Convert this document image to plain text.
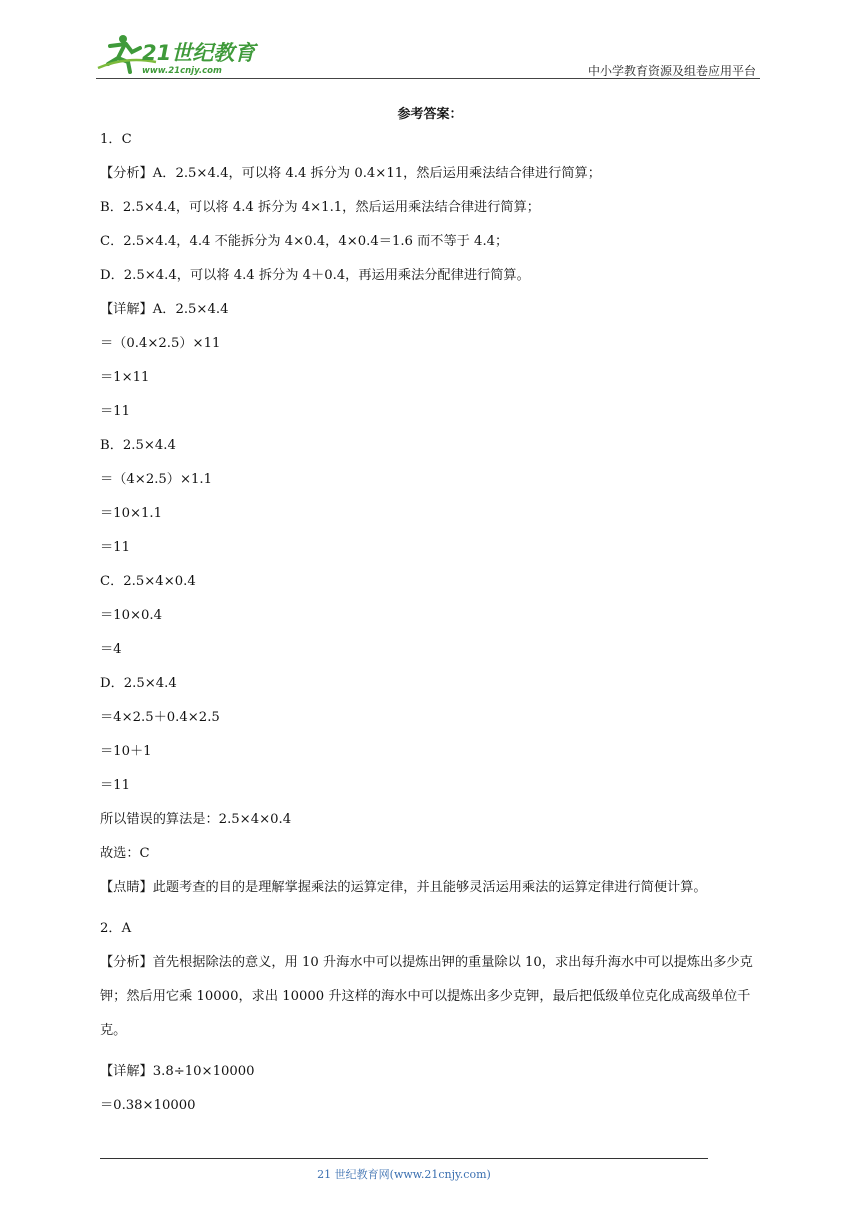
21世纪教育
www.21cnjy.com	中小学教育资源及组卷应用平台
参考答案：
1．C
【分析】A．2.5×4.4，可以将 4.4 拆分为 0.4×11，然后运用乘法结合律进行简算；
B．2.5×4.4，可以将 4.4 拆分为 4×1.1，然后运用乘法结合律进行简算；
C．2.5×4.4，4.4 不能拆分为 4×0.4，4×0.4＝1.6 而不等于 4.4；
D．2.5×4.4，可以将 4.4 拆分为 4＋0.4，再运用乘法分配律进行简算。
【详解】A．2.5×4.4
＝（0.4×2.5）×11
＝1×11
＝11
B．2.5×4.4
＝（4×2.5）×1.1
＝10×1.1
＝11
C．2.5×4×0.4
＝10×0.4
＝4
D．2.5×4.4
＝4×2.5＋0.4×2.5
＝10＋1
＝11
所以错误的算法是：2.5×4×0.4
故选：C
【点睛】此题考查的目的是理解掌握乘法的运算定律，并且能够灵活运用乘法的运算定律进行简便计算。
2．A
【分析】首先根据除法的意义，用 10 升海水中可以提炼出钾的重量除以 10，求出每升海水中可以提炼出多少克钾；然后用它乘 10000，求出 10000 升这样的海水中可以提炼出多少克钾，最后把低级单位克化成高级单位千克。
【详解】3.8÷10×10000
＝0.38×10000
21 世纪教育网(www.21cnjy.com)
